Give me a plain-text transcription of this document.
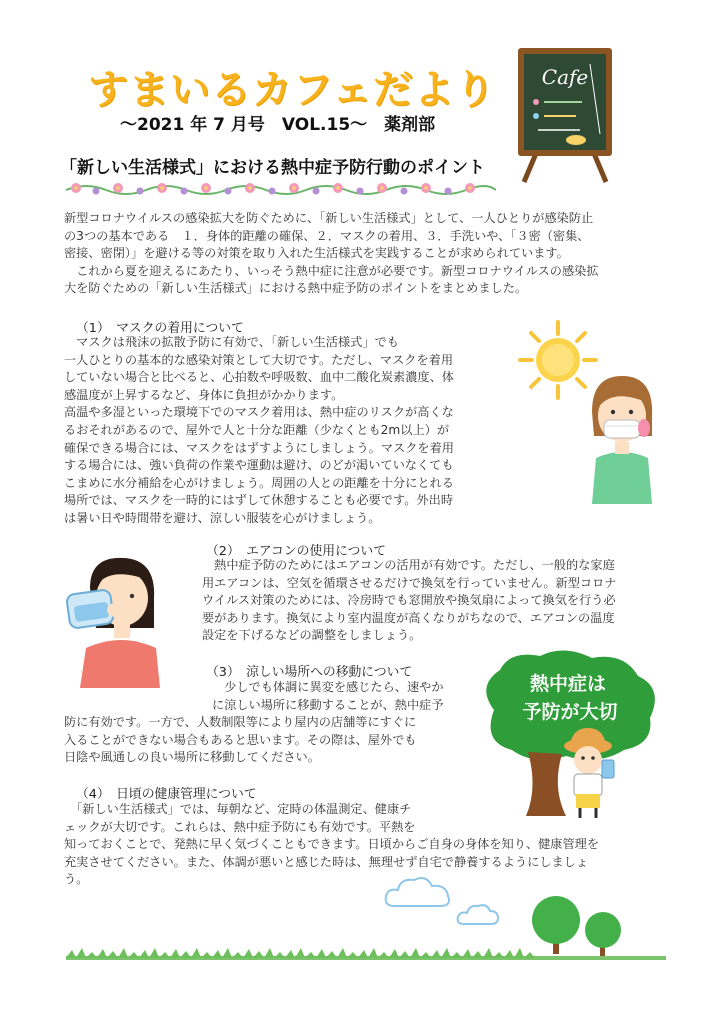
すまいるカフェだより
～2021 年 7 月号　VOL.15～　薬剤部
Cafe
「新しい生活様式」における熱中症予防行動のポイント
新型コロナウイルスの感染拡大を防ぐために、「新しい生活様式」として、一人ひとりが感染防止
の3つの基本である　１．身体的距離の確保、２．マスクの着用、３．手洗いや、「３密（密集、
密接、密閉）」を避ける等の対策を取り入れた生活様式を実践することが求められています。
　これから夏を迎えるにあたり、いっそう熱中症に注意が必要です。新型コロナウイルスの感染拡
大を防ぐための「新しい生活様式」における熱中症予防のポイントをまとめました。
（1）　マスクの着用について
　マスクは飛沫の拡散予防に有効で、「新しい生活様式」でも
一人ひとりの基本的な感染対策として大切です。ただし、マスクを着用
していない場合と比べると、心拍数や呼吸数、血中二酸化炭素濃度、体
感温度が上昇するなど、身体に負担がかかります。
高温や多湿といった環境下でのマスク着用は、熱中症のリスクが高くな
るおそれがあるので、屋外で人と十分な距離（少なくとも2m以上）が
確保できる場合には、マスクをはずすようにしましょう。マスクを着用
する場合には、強い負荷の作業や運動は避け、のどが渇いていなくても
こまめに水分補給を心がけましょう。周囲の人との距離を十分にとれる
場所では、マスクを一時的にはずして休憩することも必要です。外出時
は暑い日や時間帯を避け、涼しい服装を心がけましょう。
（2）　エアコンの使用について
　熱中症予防のためにはエアコンの活用が有効です。ただし、一般的な家庭
用エアコンは、空気を循環させるだけで換気を行っていません。新型コロナ
ウイルス対策のためには、冷房時でも窓開放や換気扇によって換気を行う必
要があります。換気により室内温度が高くなりがちなので、エアコンの温度
設定を下げるなどの調整をしましょう。
（3）　涼しい場所への移動について
　少しでも体調に異変を感じたら、速やか
に涼しい場所に移動することが、熱中症予
防に有効です。一方で、人数制限等により屋内の店舗等にすぐに
入ることができない場合もあると思います。その際は、屋外でも
日陰や風通しの良い場所に移動してください。
熱中症は
予防が大切
（4）　日頃の健康管理について
　「新しい生活様式」では、毎朝など、定時の体温測定、健康チ
ェックが大切です。これらは、熱中症予防にも有効です。平熱を
知っておくことで、発熱に早く気づくこともできます。日頃からご自身の身体を知り、健康管理を
充実させてください。また、体調が悪いと感じた時は、無理せず自宅で静養するようにしましょ
う。
